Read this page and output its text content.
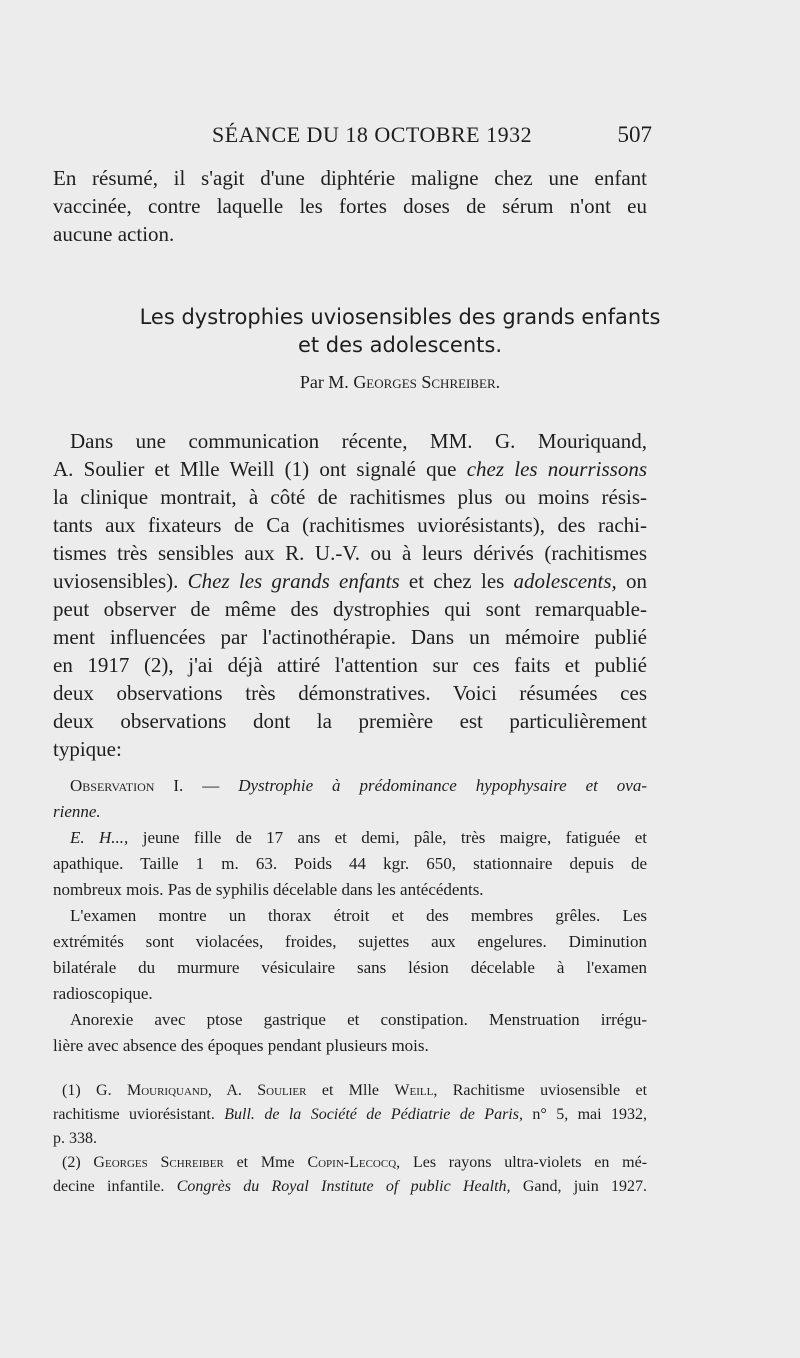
SÉANCE DU 18 OCTOBRE 1932	507
En résumé, il s'agit d'une diphtérie maligne chez une enfant
vaccinée, contre laquelle les fortes doses de sérum n'ont eu
aucune action.
Les dystrophies uviosensibles des grands enfants
et des adolescents.
Par M. Georges Schreiber.
Dans une communication récente, MM. G. Mouriquand,
A. Soulier et Mlle Weill (1) ont signalé que chez les nourrissons
la clinique montrait, à côté de rachitismes plus ou moins résis-
tants aux fixateurs de Ca (rachitismes uviorésistants), des rachi-
tismes très sensibles aux R. U.-V. ou à leurs dérivés (rachitismes
uviosensibles). Chez les grands enfants et chez les adolescents, on
peut observer de même des dystrophies qui sont remarquable-
ment influencées par l'actinothérapie. Dans un mémoire publié
en 1917 (2), j'ai déjà attiré l'attention sur ces faits et publié
deux observations très démonstratives. Voici résumées ces
deux observations dont la première est particulièrement
typique:
Observation I. — Dystrophie à prédominance hypophysaire et ova-
rienne.
E. H..., jeune fille de 17 ans et demi, pâle, très maigre, fatiguée et
apathique. Taille 1 m. 63. Poids 44 kgr. 650, stationnaire depuis de
nombreux mois. Pas de syphilis décelable dans les antécédents.
L'examen montre un thorax étroit et des membres grêles. Les
extrémités sont violacées, froides, sujettes aux engelures. Diminution
bilatérale du murmure vésiculaire sans lésion décelable à l'examen
radioscopique.
Anorexie avec ptose gastrique et constipation. Menstruation irrégu-
lière avec absence des époques pendant plusieurs mois.
(1) G. Mouriquand, A. Soulier et Mlle Weill, Rachitisme uviosensible et
rachitisme uviorésistant. Bull. de la Société de Pédiatrie de Paris, n° 5, mai 1932,
p. 338.
(2) Georges Schreiber et Mme Copin-Lecocq, Les rayons ultra-violets en mé-
decine infantile. Congrès du Royal Institute of public Health, Gand, juin 1927.
